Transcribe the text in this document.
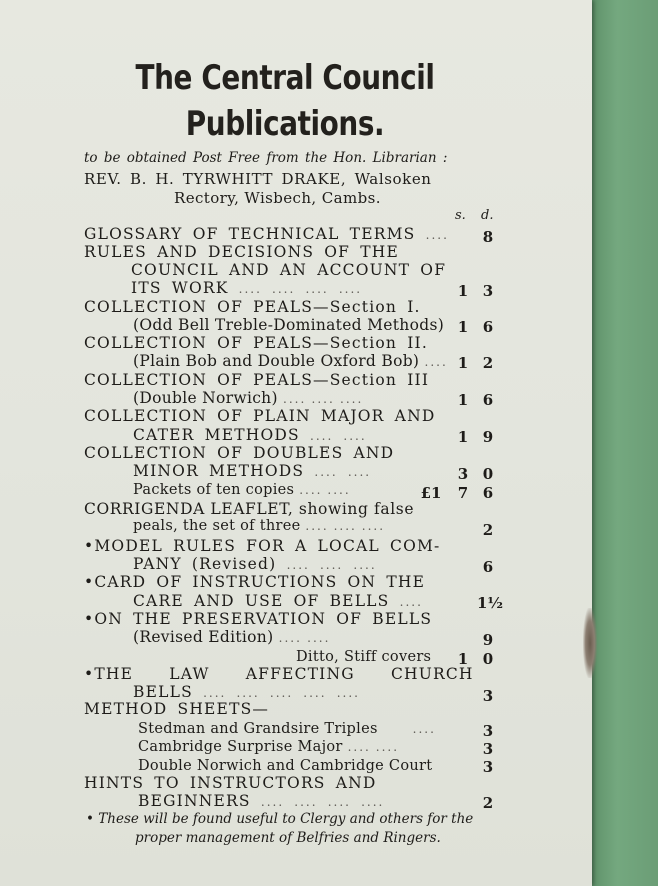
The Central Council
Publications.
to be obtained Post Free from the Hon. Librarian :
REV. B. H. TYRWHITT DRAKE, Walsoken
Rectory, Wisbech, Cambs.
s. d.
GLOSSARY OF TECHNICAL TERMS .... 8
RULES AND DECISIONS OF THE
COUNCIL AND AN ACCOUNT OF
ITS WORK .... .... .... ....	1 3
COLLECTION OF PEALS—Section I.
(Odd Bell Treble-Dominated Methods) 1 6
COLLECTION OF PEALS—Section II.
(Plain Bob and Double Oxford Bob) .... 1 2
COLLECTION OF PEALS—Section III
(Double Norwich) .... .... ....	1 6
COLLECTION OF PLAIN MAJOR AND
CATER METHODS .... ....	1 9
COLLECTION OF DOUBLES AND
MINOR METHODS .... ....	3 0
Packets of ten copies .... ....	£1 7 6
CORRIGENDA LEAFLET, showing false
peals, the set of three .... .... ....	2
•MODEL RULES FOR A LOCAL COM-
PANY (Revised) .... .... ....	6
•CARD OF INSTRUCTIONS ON THE
CARE AND USE OF BELLS ....	1½
•ON THE PRESERVATION OF BELLS
(Revised Edition) .... ....	9
Ditto, Stiff covers 1 0
•THE LAW AFFECTING CHURCH
BELLS .... .... .... .... ....	3
METHOD SHEETS—
Stedman and Grandsire Triples	....	3
Cambridge Surprise Major .... ....	3
Double Norwich and Cambridge Court	3
HINTS TO INSTRUCTORS AND
BEGINNERS .... .... .... ....	2
• These will be found useful to Clergy and others for the
proper management of Belfries and Ringers.
